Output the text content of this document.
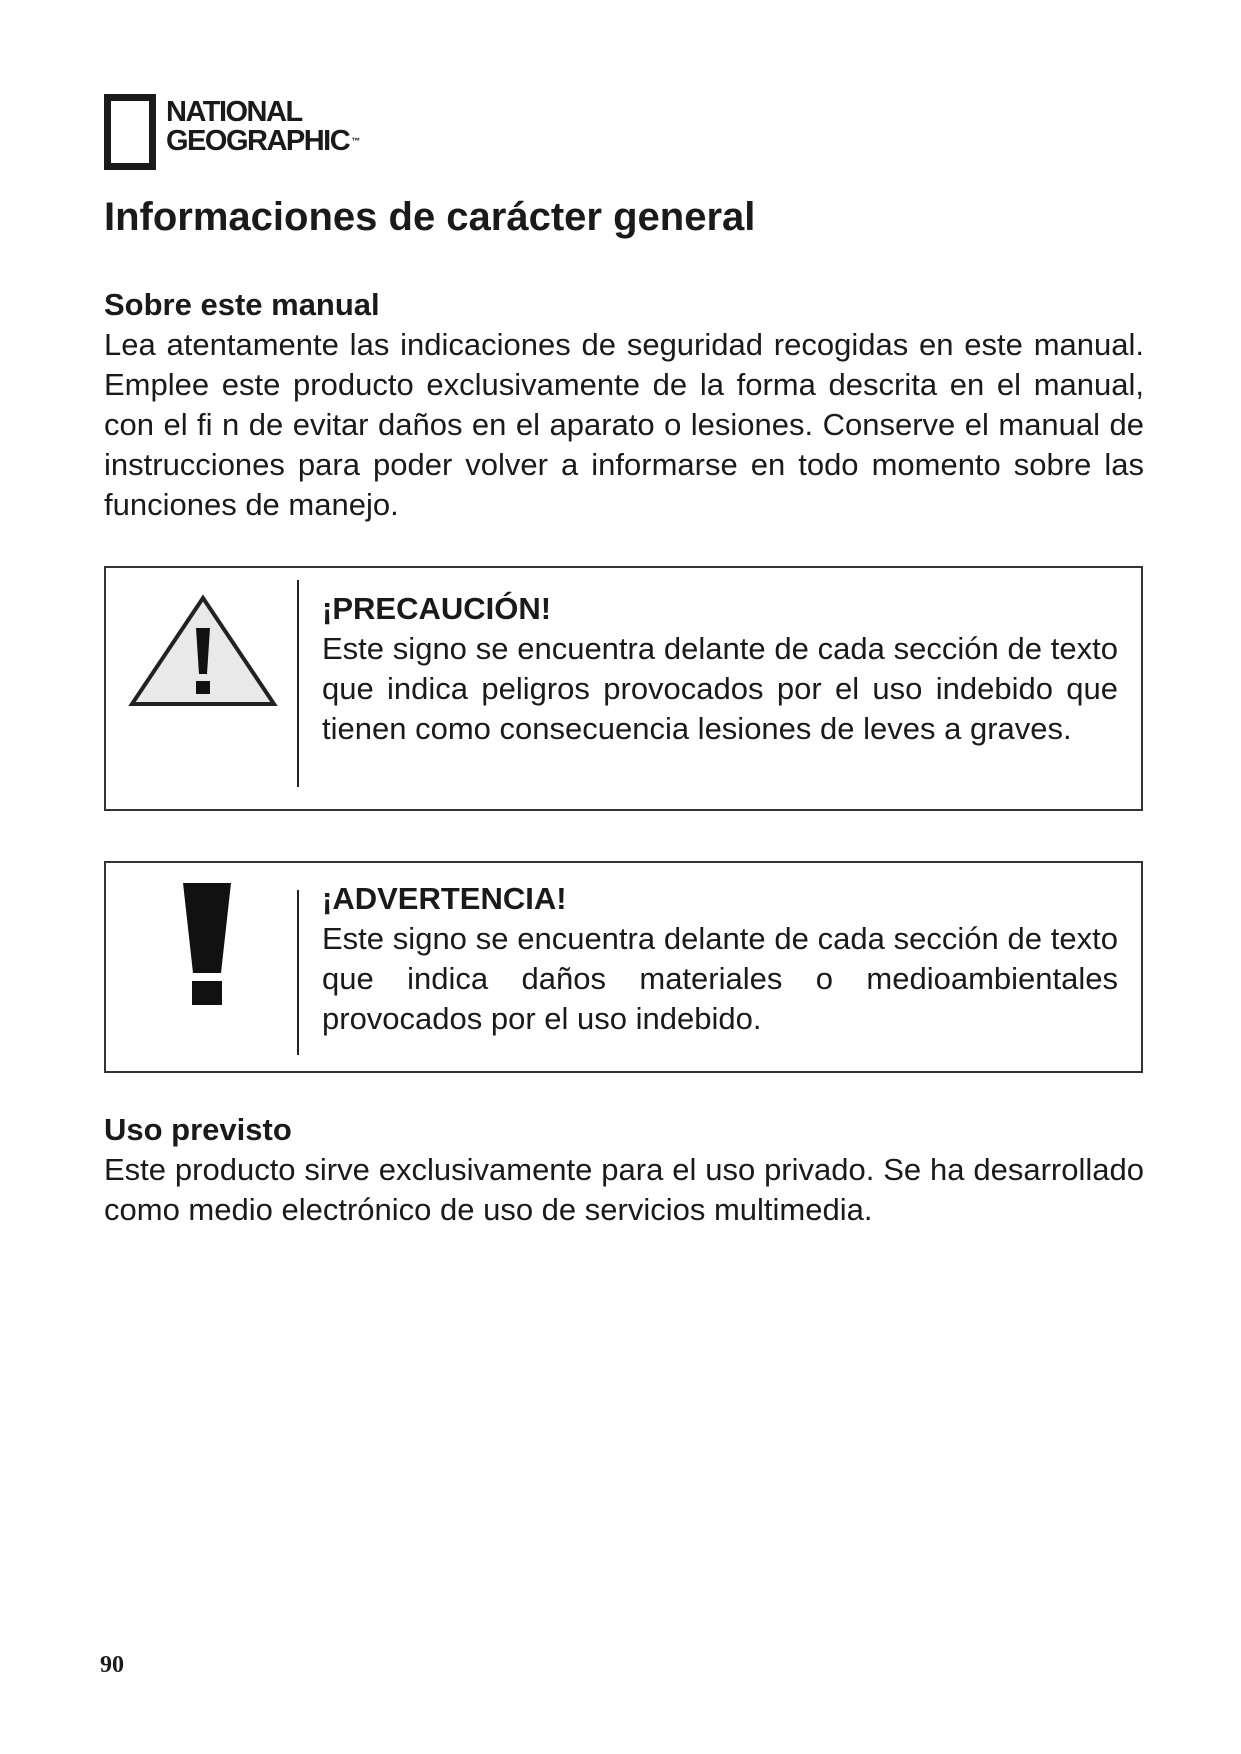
NATIONAL
GEOGRAPHIC ™
Informaciones de carácter general
Sobre este manual

Lea atentamente las indicaciones de seguridad recogidas en este manual. Emplee este producto exclusivamente de la forma descrita en el manual, con el fi n de evitar daños en el aparato o lesiones. Conserve el manual de instrucciones para poder volver a informarse en todo momento sobre las funciones de manejo.

¡PRECAUCIÓN!

Este signo se encuentra delante de cada sección de texto que indica peligros provocados por el uso indebido que tienen como consecuencia lesiones de leves a graves.

¡ADVERTENCIA!

Este signo se encuentra delante de cada sección de texto que indica daños materiales o medioambientales provocados por el uso indebido.

Uso previsto

Este producto sirve exclusivamente para el uso privado. Se ha desarrollado como medio electrónico de uso de servicios multimedia.

90
